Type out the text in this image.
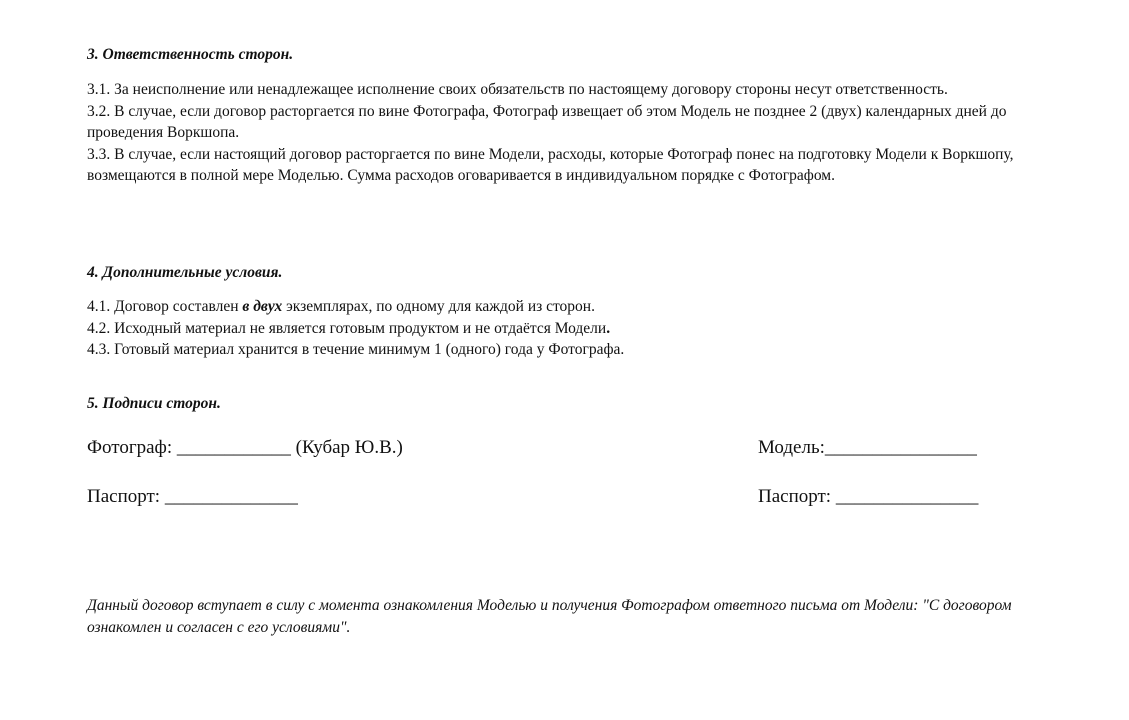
3. Ответственность сторон.

3.1. За неисполнение или ненадлежащее исполнение своих обязательств по настоящему договору стороны несут ответственность.

3.2. В случае, если договор расторгается по вине Фотографа, Фотограф извещает об этом Модель не позднее 2 (двух) календарных дней до проведения Воркшопа.

3.3. В случае, если настоящий договор расторгается по вине Модели, расходы, которые Фотограф понес на подготовку Модели к Воркшопу, возмещаются в полной мере Моделью. Сумма расходов оговаривается в индивидуальном порядке с Фотографом.

4. Дополнительные условия.

4.1. Договор составлен в двух экземплярах, по одному для каждой из сторон.

4.2. Исходный материал не является готовым продуктом и не отдаётся Модели.

4.3. Готовый материал хранится в течение минимум 1 (одного) года у Фотографа.

5. Подписи сторон.

Фотограф: ____________ (Кубар Ю.В.)	Модель:________________
Паспорт: ______________	Паспорт: _______________

Данный договор вступает в силу с момента ознакомления Моделью и получения Фотографом ответного письма от Модели: "С договором ознакомлен и согласен с его условиями".
